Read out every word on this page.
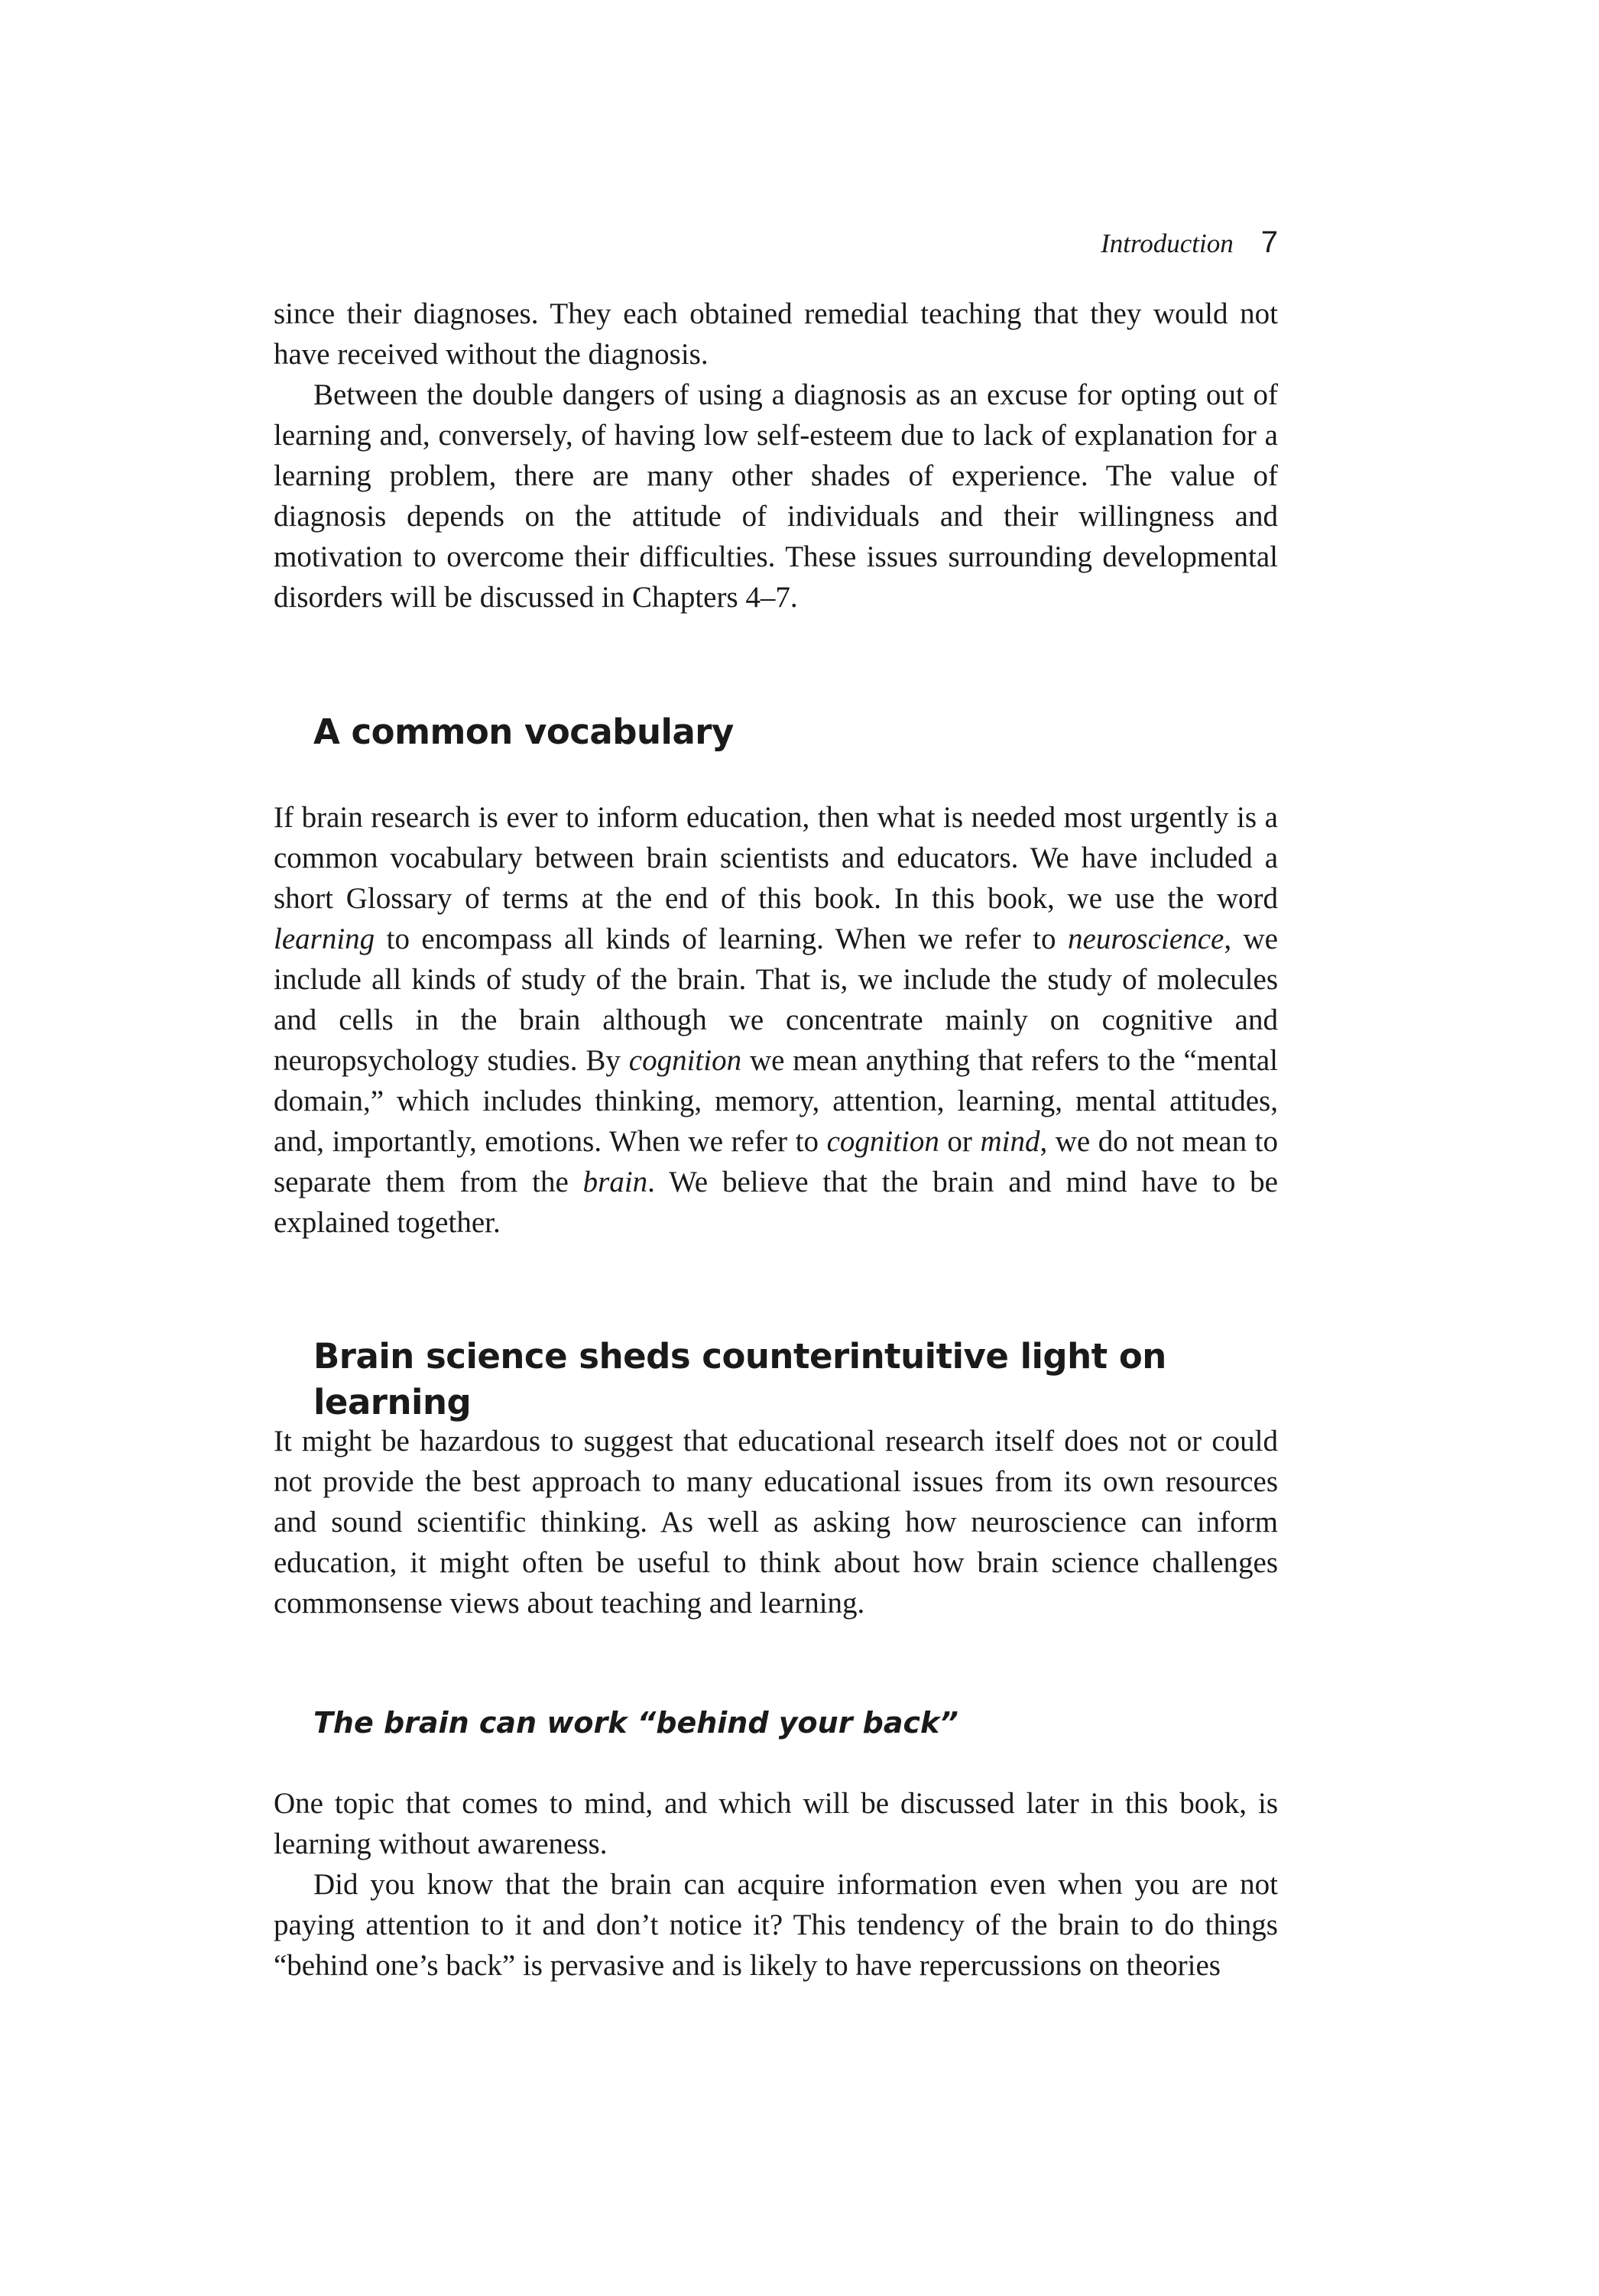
Introduction 7

since their diagnoses. They each obtained remedial teaching that they would not have received without the diagnosis.

Between the double dangers of using a diagnosis as an excuse for opting out of learning and, conversely, of having low self-esteem due to lack of explanation for a learning problem, there are many other shades of experience. The value of diagnosis depends on the attitude of individuals and their willingness and motivation to overcome their difficulties. These issues surrounding developmental disorders will be discussed in Chapters 4–7.

A common vocabulary

If brain research is ever to inform education, then what is needed most urgently is a common vocabulary between brain scientists and educators. We have included a short Glossary of terms at the end of this book. In this book, we use the word learning to encompass all kinds of learning. When we refer to neuroscience, we include all kinds of study of the brain. That is, we include the study of molecules and cells in the brain although we concentrate mainly on cognitive and neuropsychology studies. By cognition we mean anything that refers to the “mental domain,” which includes thinking, memory, attention, learning, mental attitudes, and, importantly, emotions. When we refer to cognition or mind, we do not mean to separate them from the brain. We believe that the brain and mind have to be explained together.

Brain science sheds counterintuitive light on learning

It might be hazardous to suggest that educational research itself does not or could not provide the best approach to many educational issues from its own resources and sound scientific thinking. As well as asking how neuroscience can inform education, it might often be useful to think about how brain science challenges commonsense views about teaching and learning.

The brain can work “behind your back”

One topic that comes to mind, and which will be discussed later in this book, is learning without awareness.

Did you know that the brain can acquire information even when you are not paying attention to it and don’t notice it? This tendency of the brain to do things “behind one’s back” is pervasive and is likely to have repercussions on theories
